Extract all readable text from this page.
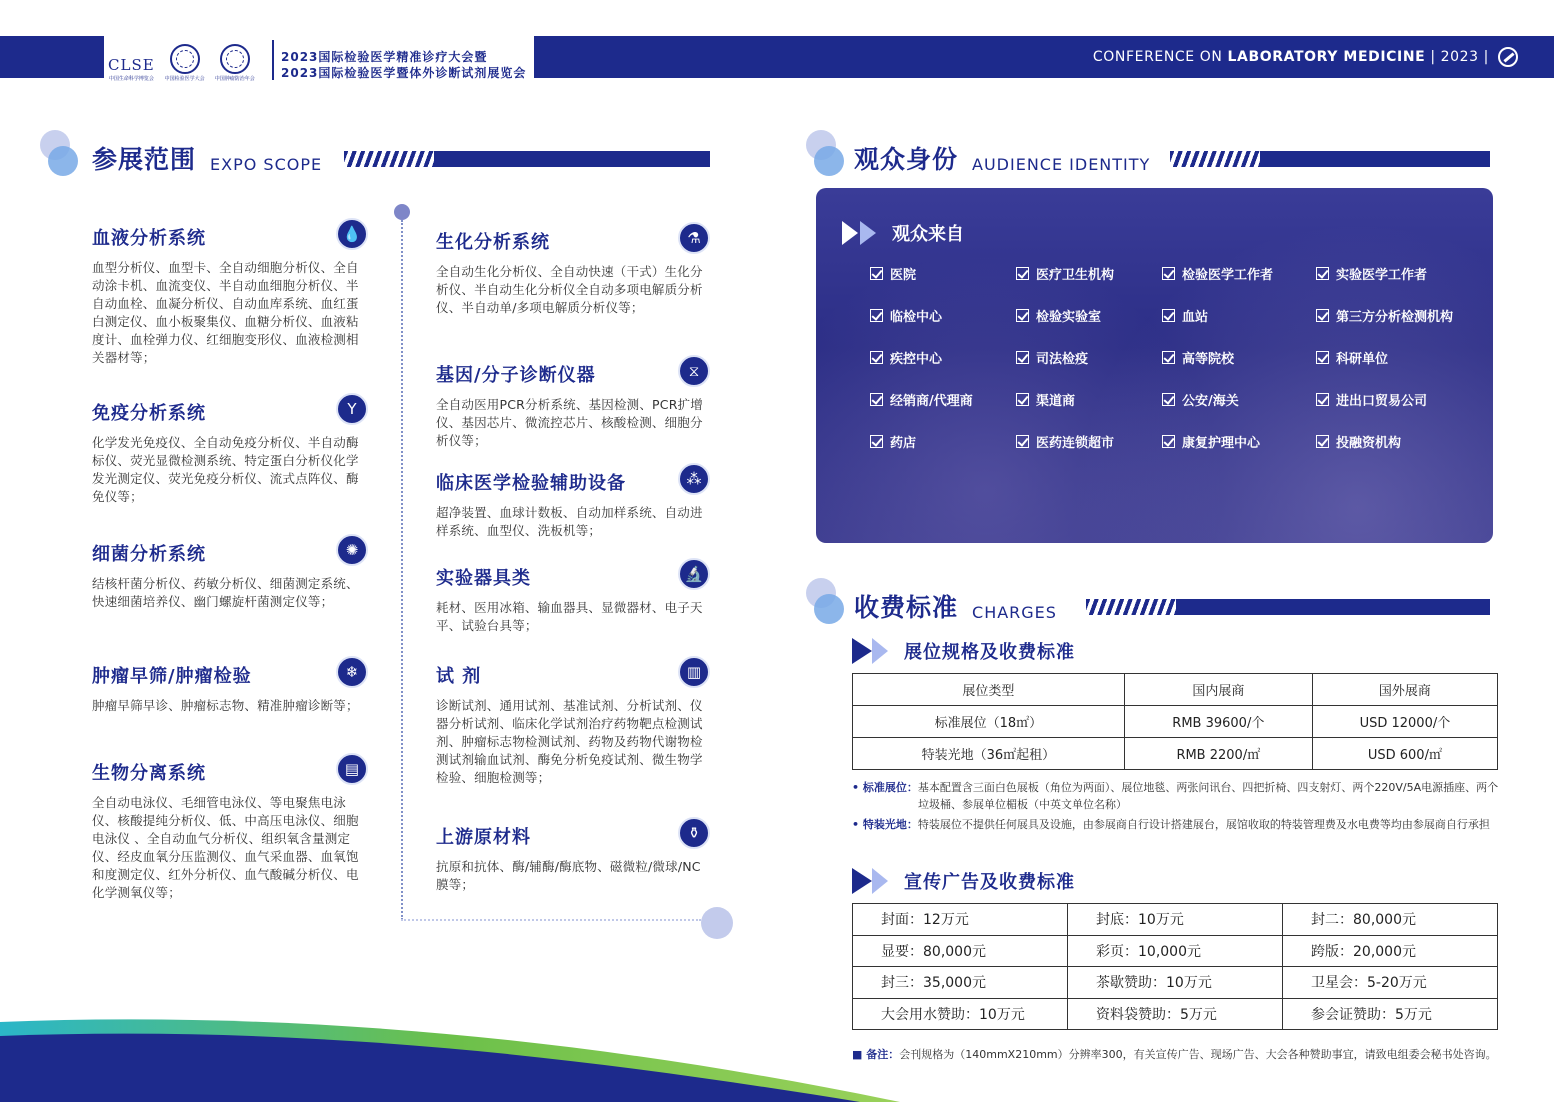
CLSE
中国生命科学博览会 中国检验医学大会 中国肿瘤防治年会
2023国际检验医学精准诊疗大会暨
2023国际检验医学暨体外诊断试剂展览会
CONFERENCE ON LABORATORY MEDICINE | 2023 |
参展范围 EXPO SCOPE
血液分析系统	💧
血型分析仪、血型卡、全自动细胞分析仪、全自动涂卡机、血流变仪、半自动血细胞分析仪、半自动血栓、血凝分析仪、自动血库系统、血红蛋白测定仪、血小板聚集仪、血糖分析仪、血液粘度计、血栓弹力仪、红细胞变形仪、血液检测相关器材等；
免疫分析系统	Y
化学发光免疫仪、全自动免疫分析仪、半自动酶标仪、荧光显微检测系统、特定蛋白分析仪化学发光测定仪、荧光免疫分析仪、流式点阵仪、酶免仪等；
细菌分析系统	✺
结核杆菌分析仪、药敏分析仪、细菌测定系统、快速细菌培养仪、幽门螺旋杆菌测定仪等；
肿瘤早筛/肿瘤检验	❄
肿瘤早筛早诊、肿瘤标志物、精准肿瘤诊断等；
生物分离系统	▤
全自动电泳仪、毛细管电泳仪、等电聚焦电泳仪、核酸提纯分析仪、低、中高压电泳仪、细胞电泳仪 、全自动血气分析仪、组织氧含量测定仪、经皮血氧分压监测仪、血气采血器、血氧饱和度测定仪、红外分析仪、血气酸碱分析仪、电化学测氧仪等；
生化分析系统	⚗
全自动生化分析仪、全自动快速（干式）生化分析仪、半自动生化分析仪全自动多项电解质分析仪、半自动单/多项电解质分析仪等；
基因/分子诊断仪器	⧖
全自动医用PCR分析系统、基因检测、PCR扩增仪、基因芯片、微流控芯片、核酸检测、细胞分析仪等；
临床医学检验辅助设备	⁂
超净装置、血球计数板、自动加样系统、自动进样系统、血型仪、洗板机等；
实验器具类	🔬
耗材、医用冰箱、输血器具、显微器材、电子天平、试验台具等；
试 剂	▥
诊断试剂、通用试剂、基准试剂、分析试剂、仪器分析试剂、临床化学试剂治疗药物靶点检测试剂、肿瘤标志物检测试剂、药物及药物代谢物检测试剂输血试剂、酶免分析免疫试剂、微生物学检验、细胞检测等；
上游原材料	⚱
抗原和抗体、酶/辅酶/酶底物、磁微粒/微球/NC膜等；
观众身份 AUDIENCE IDENTITY
观众来自
医院	医疗卫生机构	检验医学工作者	实验医学工作者
临检中心	检验实验室	血站	第三方分析检测机构
疾控中心	司法检疫	高等院校	科研单位
经销商/代理商	渠道商	公安/海关	进出口贸易公司
药店	医药连锁超市	康复护理中心	投融资机构
收费标准 CHARGES
展位规格及收费标准
展位类型	国内展商	国外展商
标准展位（18㎡）	RMB 39600/个	USD 12000/个
特装光地（36㎡起租）	RMB 2200/㎡	USD 600/㎡
• 标准展位：基本配置含三面白色展板（角位为两面）、展位地毯、两张问讯台、四把折椅、四支射灯、两个220V/5A电源插座、两个垃圾桶、参展单位楣板（中英文单位名称）
• 特装光地：特装展位不提供任何展具及设施，由参展商自行设计搭建展台，展馆收取的特装管理费及水电费等均由参展商自行承担
宣传广告及收费标准
封面：12万元	封底：10万元	封二：80,000元
显要：80,000元	彩页：10,000元	跨版：20,000元
封三：35,000元	茶歇赞助：10万元	卫星会：5-20万元
大会用水赞助：10万元	资料袋赞助：5万元	参会证赞助：5万元
■ 备注：会刊规格为（140mmX210mm）分辨率300，有关宣传广告、现场广告、大会各种赞助事宜，请致电组委会秘书处咨询。
